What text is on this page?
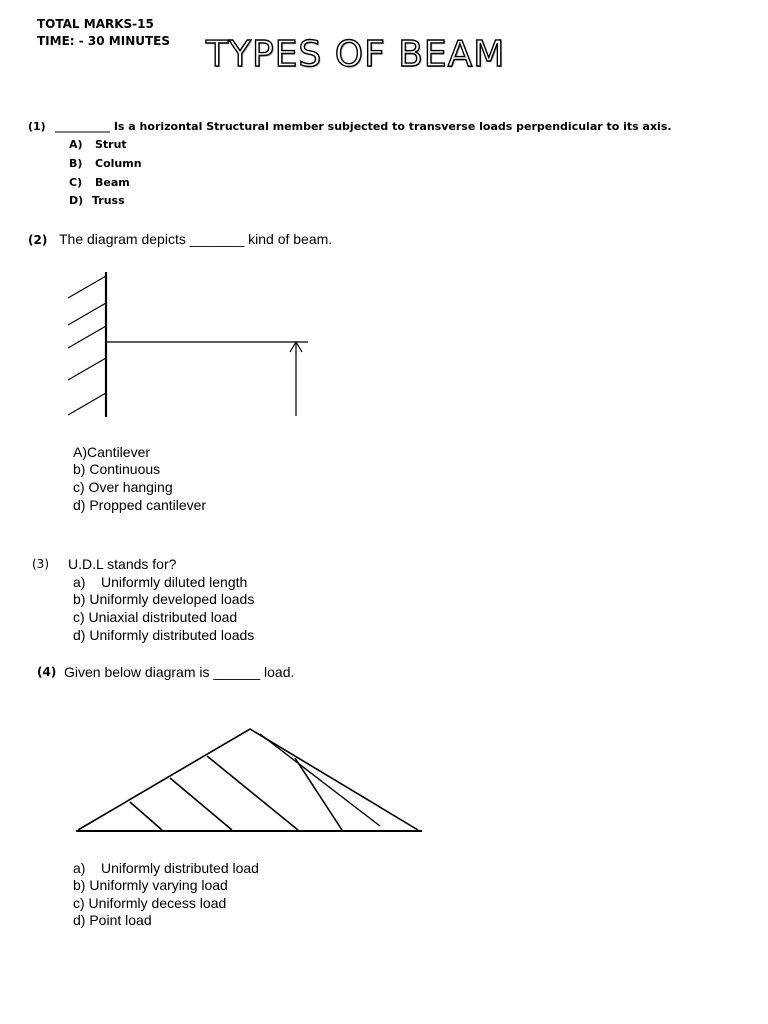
TOTAL MARKS-15
TIME: - 30 MINUTES TYPES OF BEAM
(1) __________ Is a horizontal Structural member subjected to transverse loads perpendicular to its axis.
A) Strut
B) Column
C) Beam
D) Truss
(2) The diagram depicts _______ kind of beam.
A)Cantilever
b) Continuous
c) Over hanging
d) Propped cantilever
(3) U.D.L stands for?
a) Uniformly diluted length
b) Uniformly developed loads
c) Uniaxial distributed load
d) Uniformly distributed loads
(4) Given below diagram is ______ load.
a) Uniformly distributed load
b) Uniformly varying load
c) Uniformly decess load
d) Point load
